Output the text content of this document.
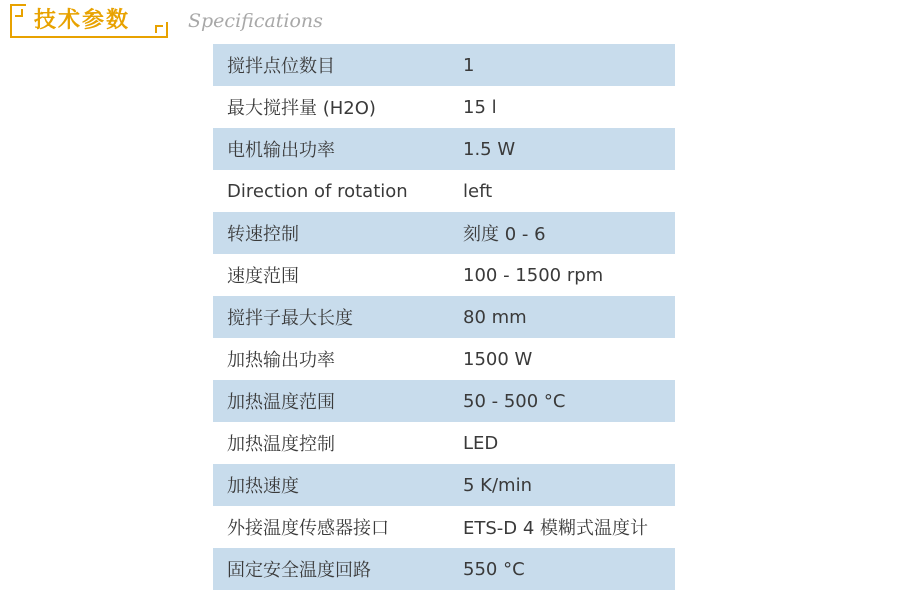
技术参数	Specifications
搅拌点位数目	1
最大搅拌量 (H2O)	15 l
电机输出功率	1.5 W
Direction of rotation	left
转速控制	刻度 0 - 6
速度范围	100 - 1500 rpm
搅拌子最大长度	80 mm
加热输出功率	1500 W
加热温度范围	50 - 500 °C
加热温度控制	LED
加热速度	5 K/min
外接温度传感器接口	ETS-D 4 模糊式温度计
固定安全温度回路	550 °C
